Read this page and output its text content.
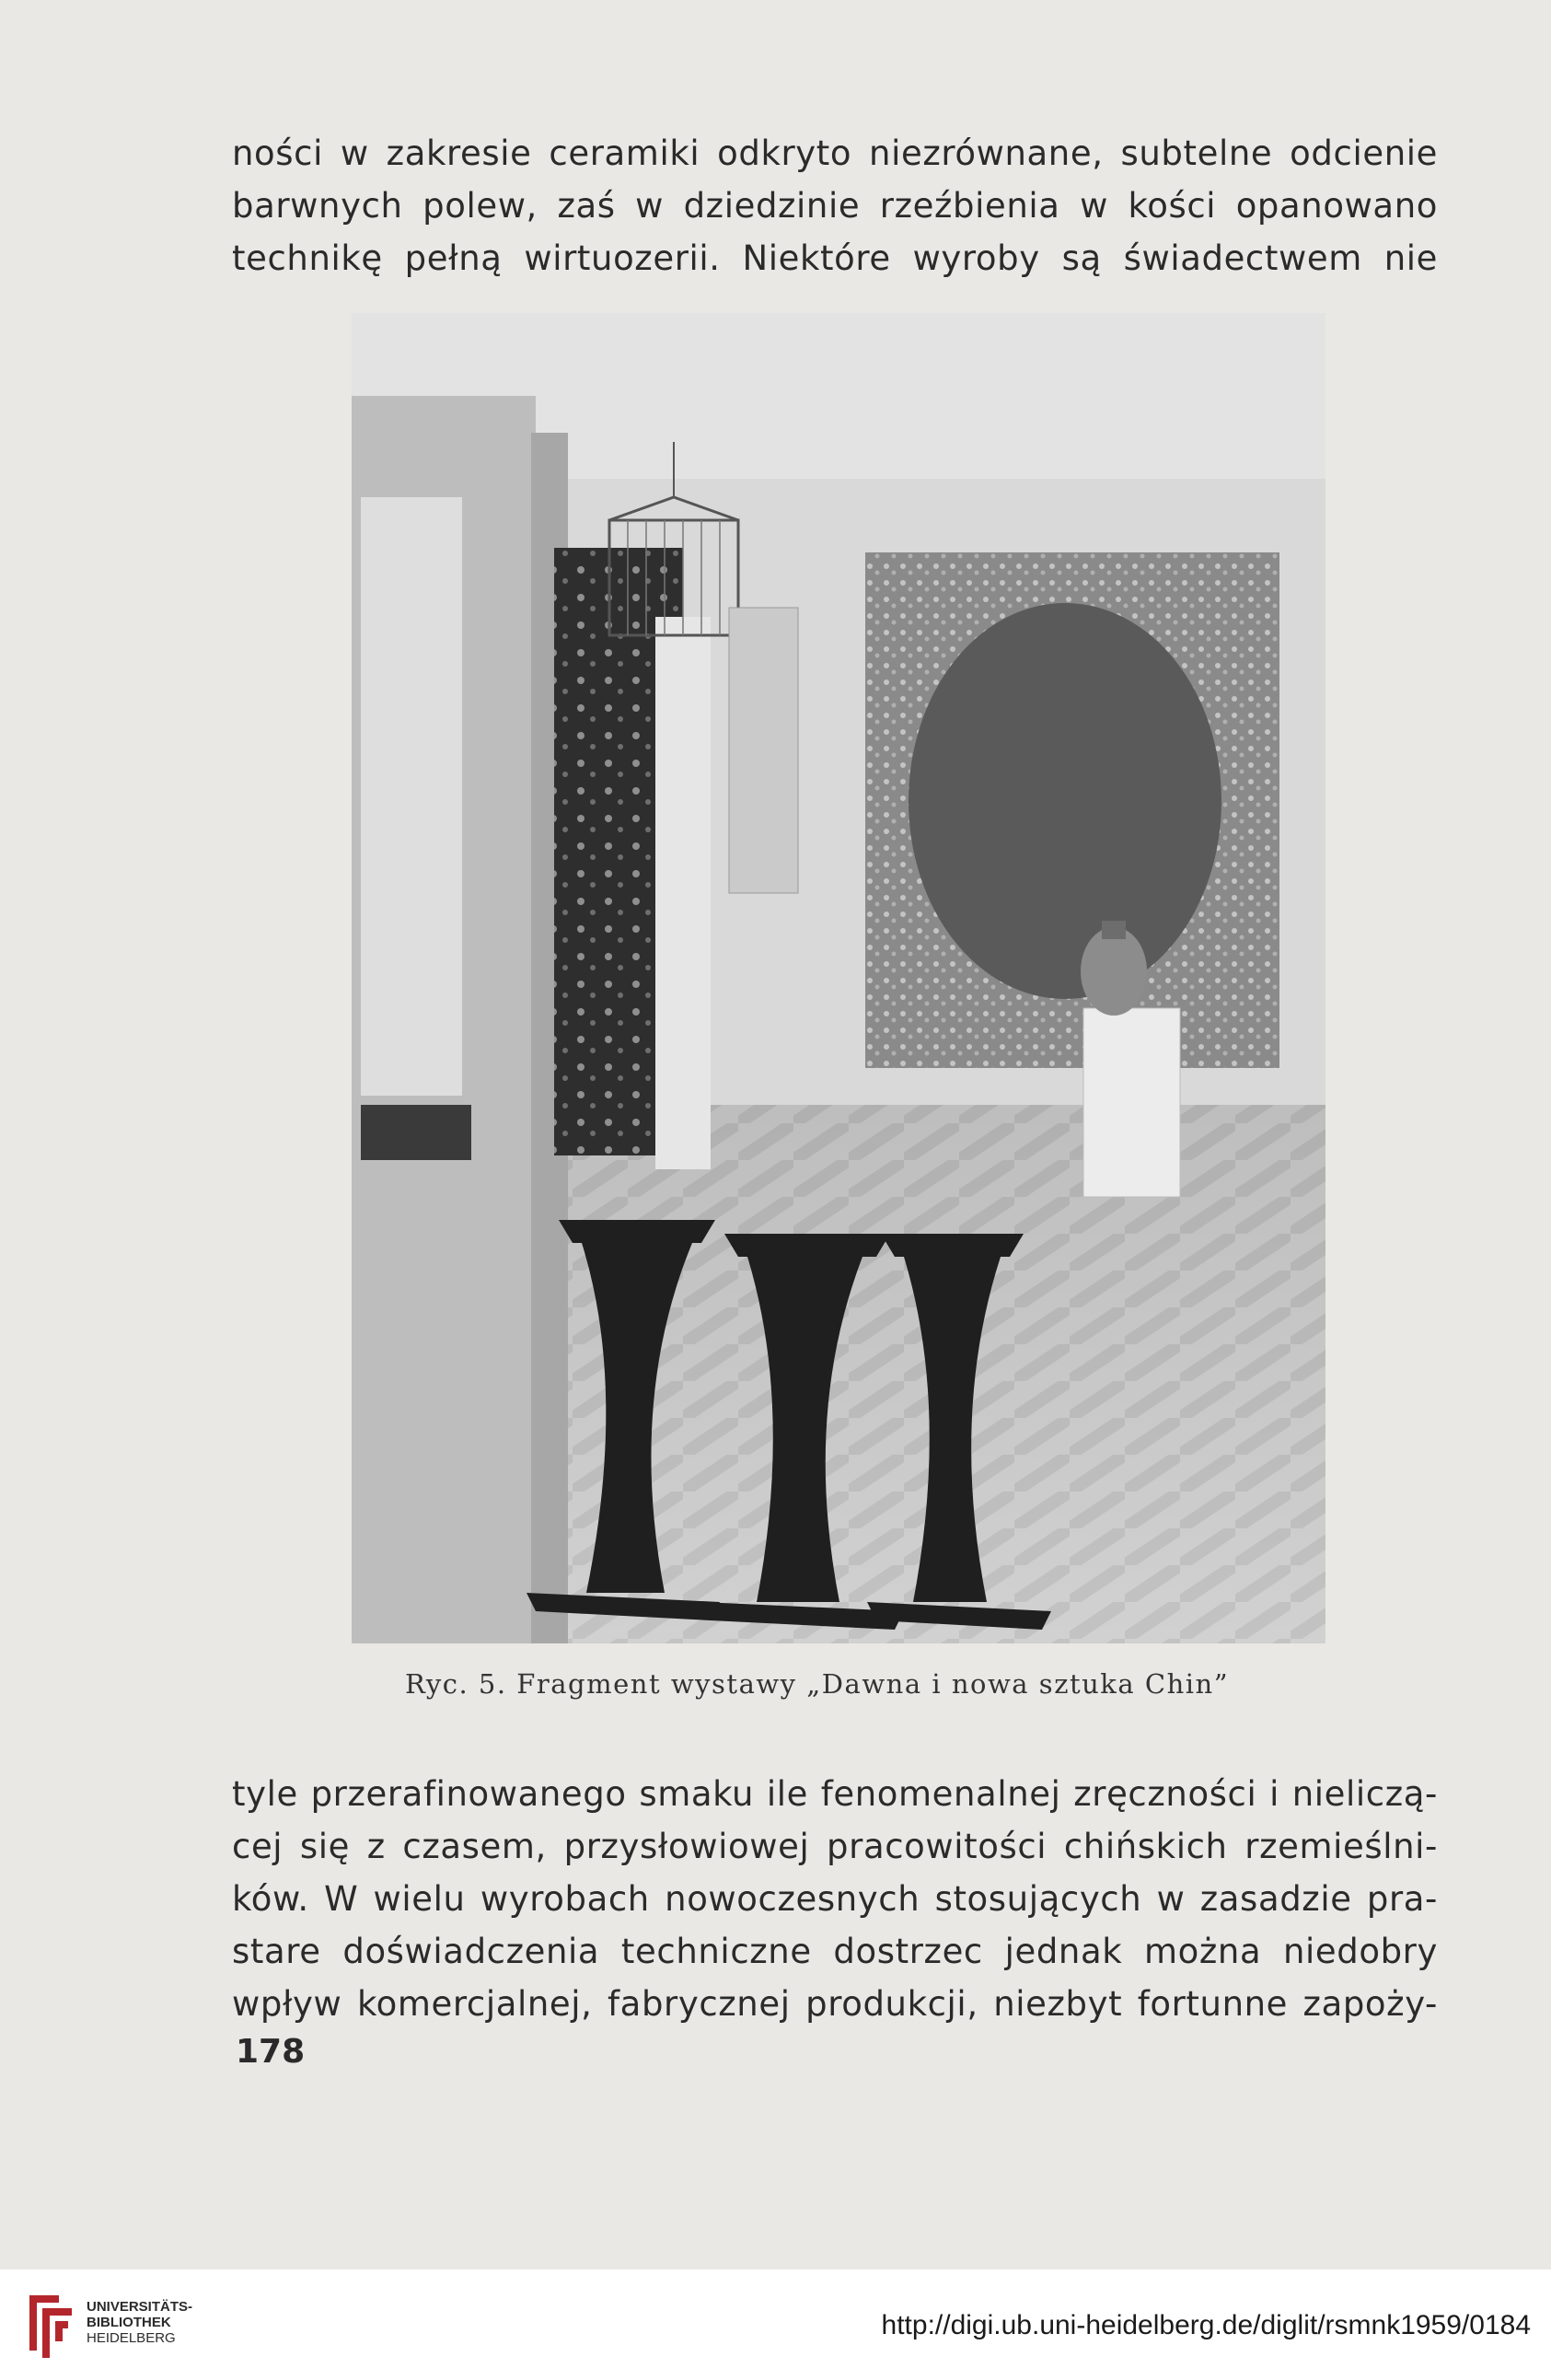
ności w zakresie ceramiki odkryto niezrównane, subtelne odcienie
barwnych polew, zaś w dziedzinie rzeźbienia w kości opanowano
technikę pełną wirtuozerii. Niektóre wyroby są świadectwem nie
Ryc. 5. Fragment wystawy „Dawna i nowa sztuka Chin”
tyle przerafinowanego smaku ile fenomenalnej zręczności i nieliczą-
cej się z czasem, przysłowiowej pracowitości chińskich rzemieślni-
ków. W wielu wyrobach nowoczesnych stosujących w zasadzie pra-
stare doświadczenia techniczne dostrzec jednak można niedobry
wpływ komercjalnej, fabrycznej produkcji, niezbyt fortunne zapoży-
178
UNIVERSITÄTS-
BIBLIOTHEK
HEIDELBERG	http://digi.ub.uni-heidelberg.de/diglit/rsmnk1959/0184
